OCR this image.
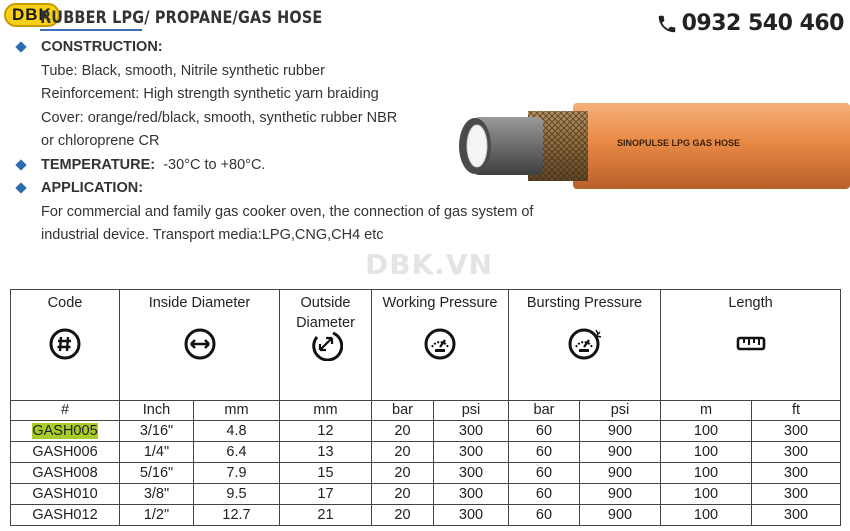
DBK
RUBBER LPG/ PROPANE/GAS HOSE	0932 540 460
CONSTRUCTION:
Tube: Black, smooth, Nitrile synthetic rubber
Reinforcement: High strength synthetic yarn braiding
Cover: orange/red/black, smooth, synthetic rubber NBR
or chloroprene CR
TEMPERATURE: -30°C to +80°C.
APPLICATION:
For commercial and family gas cooker oven, the connection of gas system of
industrial device. Transport media:LPG,CNG,CH4 etc
SINOPULSE LPG GAS HOSE
DBK.VN
Code	Inside Diameter		Outside
Diameter	Working Pressure		Bursting Pressure		Length	

#	Inch	mm	mm	bar	psi	bar	psi	m	ft
GASH005	3/16"	4.8	12	20	300	60	900	100	300
GASH006	1/4"	6.4	13	20	300	60	900	100	300
GASH008	5/16"	7.9	15	20	300	60	900	100	300
GASH010	3/8"	9.5	17	20	300	60	900	100	300
GASH012	1/2"	12.7	21	20	300	60	900	100	300
